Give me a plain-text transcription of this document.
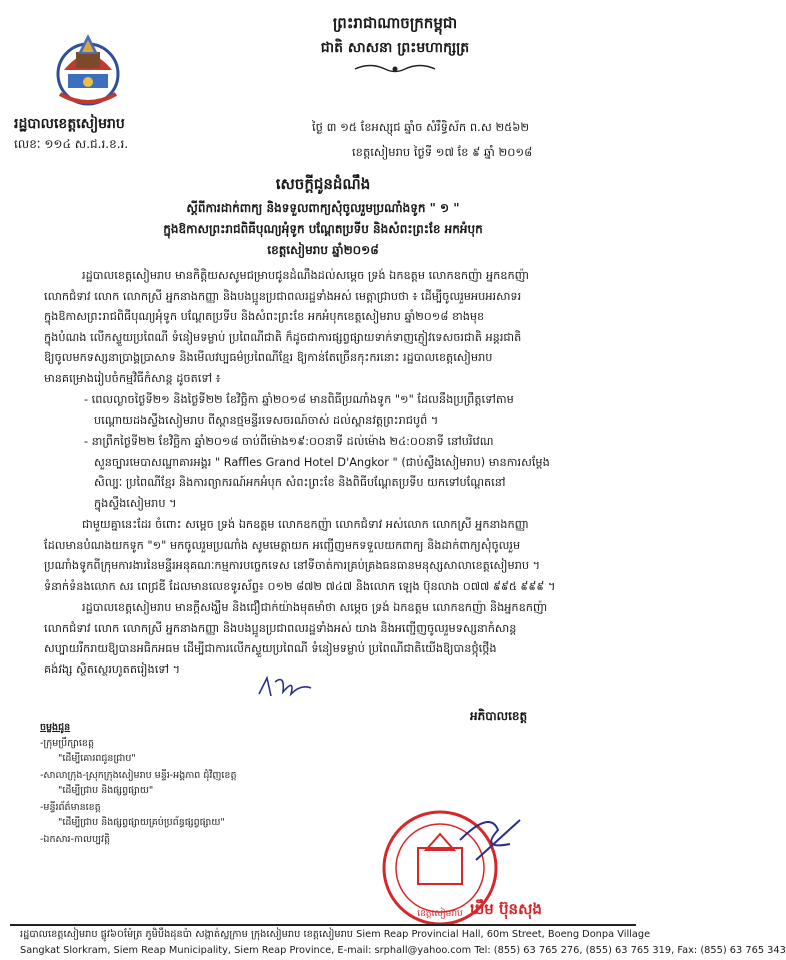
ព្រះរាជាណាចក្រកម្ពុជា
ជាតិ សាសនា ព្រះមហាក្សត្រ
រដ្ឋបាលខេត្តសៀមរាប
លេខៈ ១១៤ ស.ជ.រ.ខ.រ.
ថ្ងៃ ៣ ១៥ ខែអស្សុជ ឆ្នាំច សំរឹទ្ធិស័ក ព.ស ២៥៦២
ខេត្តសៀមរាប ថ្ងៃទី ១៧ ខែ ៩ ឆ្នាំ ២០១៨
សេចក្តីជូនដំណឹង
ស្តីពីការដាក់ពាក្យ និងទទួលពាក្យសុំចូលរួមប្រណាំងទូក " ១ "
ក្នុងឱកាសព្រះរាជពិធីបុណ្យអុំទូក បណ្តែតប្រទីប និងសំពះព្រះខែ អកអំបុក
ខេត្តសៀមរាប ឆ្នាំ២០១៨
រដ្ឋបាលខេត្តសៀមរាប មានកិត្តិយសសូមជម្រាបជូនដំណឹងដល់សម្តេច ទ្រង់ ឯកឧត្តម លោកឧកញ៉ា អ្នកឧកញ៉ា
លោកជំទាវ លោក លោកស្រី អ្នកនាងកញ្ញា និងបងប្អូនប្រជាពលរដ្ឋទាំងអស់ មេត្តាជ្រាបថា ៖ ដើម្បីចូលរួមអបអរសាទរ
ក្នុងឱកាសព្រះរាជពិធីបុណ្យអុំទូក បណ្តែតប្រទីប និងសំពះព្រះខែ អកអំបុកខេត្តសៀមរាប ឆ្នាំ២០១៨ ខាងមុខ
ក្នុងបំណង លើកស្ទួយប្រពៃណី ទំនៀមទម្លាប់ ប្រពៃណីជាតិ ក៏ដូចជាការផ្សព្វផ្សាយទាក់ទាញភ្ញៀវទេសចរជាតិ អន្តរជាតិ
ឱ្យចូលមកទស្សនាប្រាង្គប្រាសាទ និងមើលវប្បធម៌ប្រពៃណីខ្មែរ ឱ្យកាន់តែច្រើនកុះករនោះ រដ្ឋបាលខេត្តសៀមរាប
មានគម្រោងរៀបចំកម្មវិធីកំសាន្ត ដូចតទៅ ៖
- ពេលល្ងាចថ្ងៃទី២១ និងថ្ងៃទី២២ ខែវិច្ឆិកា ឆ្នាំ២០១៨ មានពិធីប្រណាំងទូក "១" ដែលនឹងប្រព្រឹត្តទៅតាម
បណ្តោយដងស្ទឹងសៀមរាប ពីស្ពានថ្មមន្ទីរទេសចរណ៍ចាស់ ដល់ស្ពានវត្តព្រះរាជបូព៌ ។
- នាព្រឹកថ្ងៃទី២២ ខែវិច្ឆិកា ឆ្នាំ២០១៨ ចាប់ពីម៉ោង១៩:០០នាទី ដល់ម៉ោង ២៤:០០នាទី នៅបរិវេណ
សួនច្បារមេបាសណ្ឋាគារអង្គរ " Raffles Grand Hotel D'Angkor " (ជាប់ស្ទឹងសៀមរាប) មានការសម្តែង
សិល្បៈ ប្រពៃណីខ្មែរ និងការព្យាករណ៍អកអំបុក សំពះព្រះខែ និងពិធីបណ្តែតប្រទីប យកទៅបណ្តែតនៅ
ក្នុងស្ទឹងសៀមរាប ។
ជាមួយគ្នានេះដែរ ចំពោះ សម្តេច ទ្រង់ ឯកឧត្តម លោកឧកញ៉ា លោកជំទាវ អស់លោក លោកស្រី អ្នកនាងកញ្ញា
ដែលមានបំណងយកទូក "១" មកចូលរួមប្រណាំង សូមមេត្តាយក អញ្ជើញមកទទួលយកពាក្យ និងដាក់ពាក្យសុំចូលរួម
ប្រណាំងទូកពីក្រុមការងារនៃមន្ទីរអនុគណៈកម្មការបច្ចេកទេស នៅទីចាត់ការគ្រប់គ្រងធនធានមនុស្សសាលាខេត្តសៀមរាប ។
ទំនាក់ទំនងលោក សរ ពេជ្រឌី ដែលមានលេខទូរស័ព្ទ៖ ០១២ ៨៧២ ៧៤៧ និងលោក ឡេង ប៊ុនលាង ០៧៧ ៩៩៥ ៩៩៩ ។
រដ្ឋបាលខេត្តសៀមរាប មានក្តីសង្ឃឹម និងជឿជាក់យ៉ាងមុតមាំថា សម្តេច ទ្រង់ ឯកឧត្តម លោកឧកញ៉ា និងអ្នកឧកញ៉ា
លោកជំទាវ លោក លោកស្រី អ្នកនាងកញ្ញា និងបងប្អូនប្រជាពលរដ្ឋទាំងអស់ យាង និងអញ្ជើញចូលរួមទស្សនាកំសាន្ត
សប្បាយរីករាយឱ្យបានអធិកអធម ដើម្បីជាការលើកស្ទួយប្រពៃណី ទំនៀមទម្លាប់ ប្រពៃណីជាតិយើងឱ្យបានថ្កុំថ្កើង
គង់វង្ស ស្ថិតស្ថេរហូតតរៀងទៅ ។
ចម្លងជូន
-ក្រុមប្រឹក្សាខេត្ត
"ដើម្បីគោរពជូនជ្រាប"
-សាលាក្រុង-ស្រុកក្រុងសៀមរាប មន្ទីរ-អង្គភាព ជុំវិញខេត្ត
"ដើម្បីជ្រាប និងផ្សព្វផ្សាយ"
-មន្ទីរព័ត៌មានខេត្ត
"ដើម្បីជ្រាប និងផ្សព្វផ្សាយគ្រប់ប្រព័ន្ធផ្សព្វផ្សាយ"
-ឯកសារ-កាលប្បវត្តិ
អភិបាលខេត្ត
ខេត្តសៀមរាប ឃឹម ប៊ុនសុង
រដ្ឋបាលខេត្តសៀមរាប ផ្លូវ៦០ម៉ែត្រ ភូមិបឹងដុនប៉ា សង្កាត់ស្លក្រាម ក្រុងសៀមរាប ខេត្តសៀមរាប Siem Reap Provincial Hall, 60m Street, Boeng Donpa Village
Sangkat Slorkram, Siem Reap Municipality, Siem Reap Province, E-mail: srphall@yahoo.com Tel: (855) 63 765 276, (855) 63 765 319, Fax: (855) 63 765 343
